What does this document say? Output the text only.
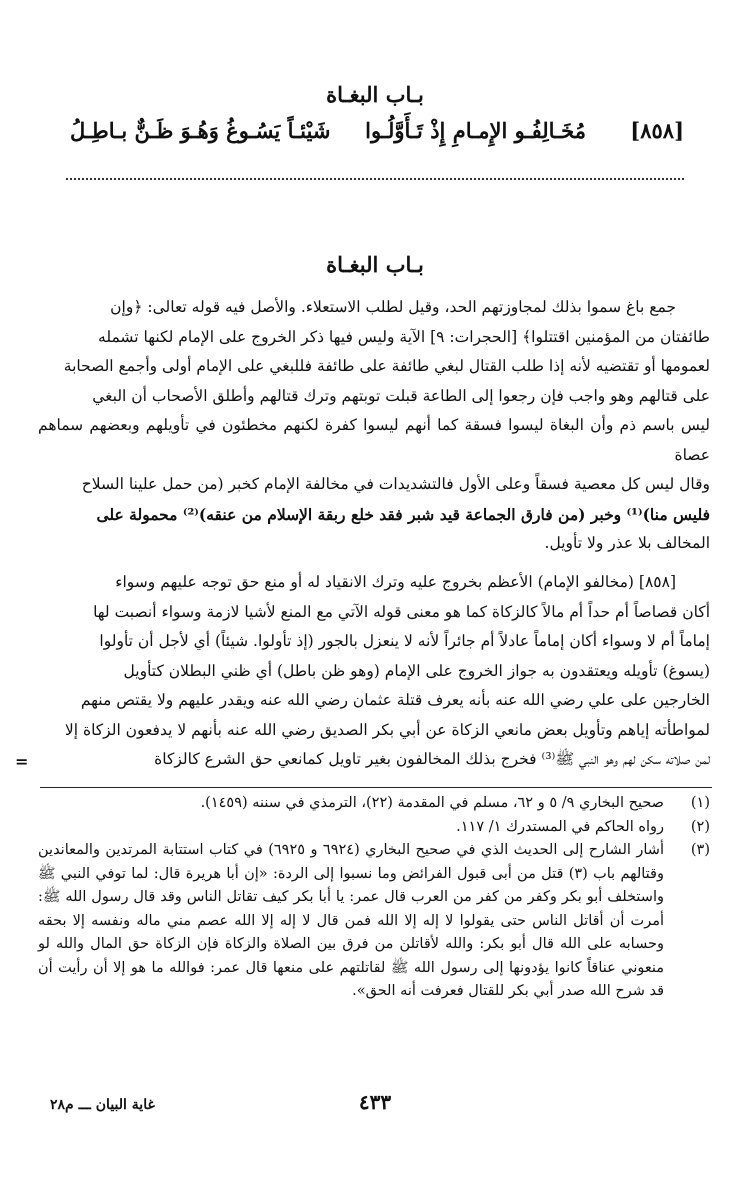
بـاب البغـاة
[٨٥٨]
مُخَـالِفُـو الإِمـامِ إِذْ تَـأَوَّلُـوا
شَيْئـاً يَسُـوغُ وَهُـوَ ظَـنٌّ بـاطِـلُ
بـاب البغـاة
جمع باغ سموا بذلك لمجاوزتهم الحد، وقيل لطلب الاستعلاء. والأصل فيه قوله تعالى: ﴿وإن
طائفتان من المؤمنين اقتتلوا﴾ [الحجرات: ٩] الآية وليس فيها ذكر الخروج على الإمام لكنها تشمله
لعمومها أو تقتضيه لأنه إذا طلب القتال لبغي طائفة على طائفة فللبغي على الإمام أولى وأجمع الصحابة
على قتالهم وهو واجب فإن رجعوا إلى الطاعة قبلت توبتهم وترك قتالهم وأطلق الأصحاب أن البغي
ليس باسم ذم وأن البغاة ليسوا فسقة كما أنهم ليسوا كفرة لكنهم مخطئون في تأويلهم وبعضهم سماهم عصاة
وقال ليس كل معصية فسقاً وعلى الأول فالتشديدات في مخالفة الإمام كخبر (من حمل علينا السلاح
فليس منا)⁽¹⁾ وخبر (من فارق الجماعة قيد شبر فقد خلع ربقة الإسلام من عنقه)⁽²⁾ محمولة على
المخالف بلا عذر ولا تأويل.
[٨٥٨] (مخالفو الإمام) الأعظم بخروج عليه وترك الانقياد له أو منع حق توجه عليهم وسواء
أكان قصاصاً أم حداً أم مالاً كالزكاة كما هو معنى قوله الآتي مع المنع لأشيا لازمة وسواء أنصبت لها
إماماً أم لا وسواء أكان إماماً عادلاً أم جائراً لأنه لا ينعزل بالجور (إذ تأولوا. شيئاً) أي لأجل أن تأولوا
(يسوغ) تأويله ويعتقدون به جواز الخروج على الإمام (وهو ظن باطل) أي ظني البطلان كتأويل
الخارجين على علي رضي الله عنه بأنه يعرف قتلة عثمان رضي الله عنه ويقدر عليهم ولا يقتص منهم
لمواطأته إياهم وتأويل بعض مانعي الزكاة عن أبي بكر الصديق رضي الله عنه بأنهم لا يدفعون الزكاة إلا
لمن صلاته سكن لهم وهو النبي ﷺ⁽³⁾ فخرج بذلك المخالفون بغير تاويل كمانعي حق الشرع كالزكاة
=
(١)
صحيح البخاري ٩/ ٥ و ٦٢، مسلم في المقدمة (٢٢)، الترمذي في سننه (١٤٥٩).
(٢)
رواه الحاكم في المستدرك ١/ ١١٧.
(٣)
أشار الشارح إلى الحديث الذي في صحيح البخاري (٦٩٢٤ و ٦٩٢٥) في كتاب استتابة المرتدين والمعاندين وقتالهم باب (٣) قتل من أبى قبول الفرائض وما نسبوا إلى الردة: «إن أبا هريرة قال: لما توفي النبي ﷺ واستخلف أبو بكر وكفر من كفر من العرب قال عمر: يا أبا بكر كيف تقاتل الناس وقد قال رسول الله ﷺ: أمرت أن أقاتل الناس حتى يقولوا لا إله إلا الله فمن قال لا إله إلا الله عصم مني ماله ونفسه إلا بحقه وحسابه على الله قال أبو بكر: والله لأقاتلن من فرق بين الصلاة والزكاة فإن الزكاة حق المال والله لو منعوني عناقاً كانوا يؤدونها إلى رسول الله ﷺ لقاتلتهم على منعها قال عمر: فوالله ما هو إلا أن رأيت أن قد شرح الله صدر أبي بكر للقتال فعرفت أنه الحق».
٤٣٣
غاية البيان ـــ م٢٨
